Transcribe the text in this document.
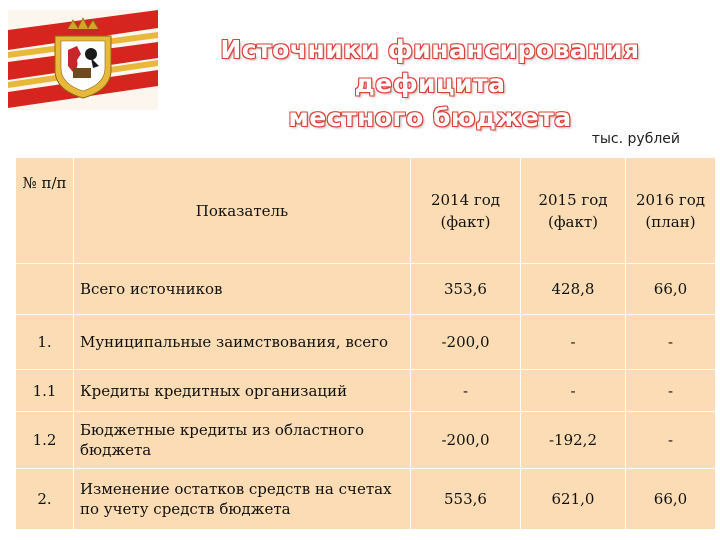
Источники финансирования дефицита
местного бюджета
тыс. рублей
№ п/п	Показатель	2014 год (факт)	2015 год (факт)	2016 год (план)
	Всего источников	353,6	428,8	66,0
1.	Муниципальные заимствования, всего	-200,0	-	-
1.1	Кредиты кредитных организаций	-	-	-
1.2	Бюджетные кредиты из областного бюджета	-200,0	-192,2	-
2.	Изменение остатков средств на счетах по учету средств бюджета	553,6	621,0	66,0
